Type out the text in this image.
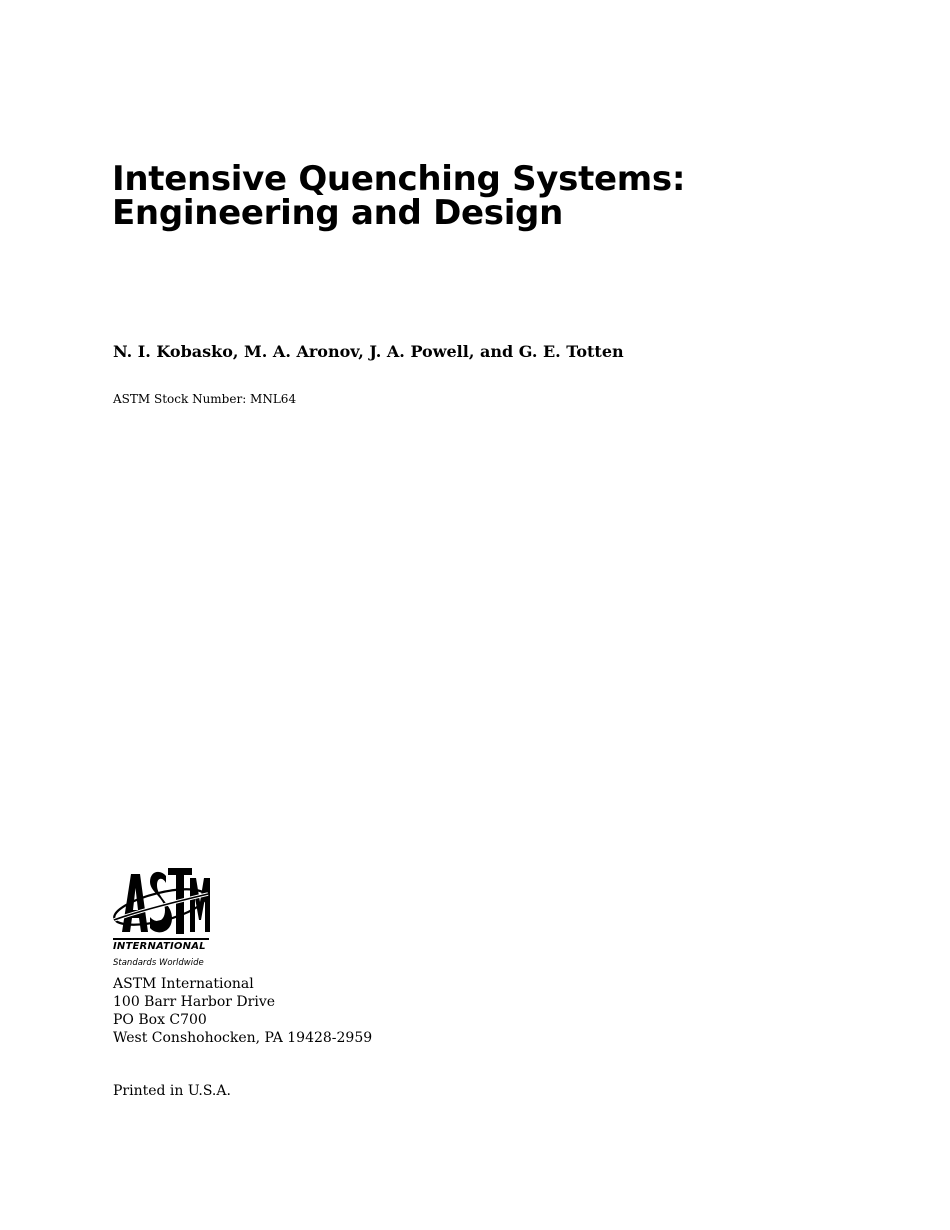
Intensive Quenching Systems:
Engineering and Design
N. I. Kobasko, M. A. Aronov, J. A. Powell, and G. E. Totten
ASTM Stock Number: MNL64
INTERNATIONAL
Standards Worldwide
ASTM International
100 Barr Harbor Drive
PO Box C700
West Conshohocken, PA 19428-2959
Printed in U.S.A.
